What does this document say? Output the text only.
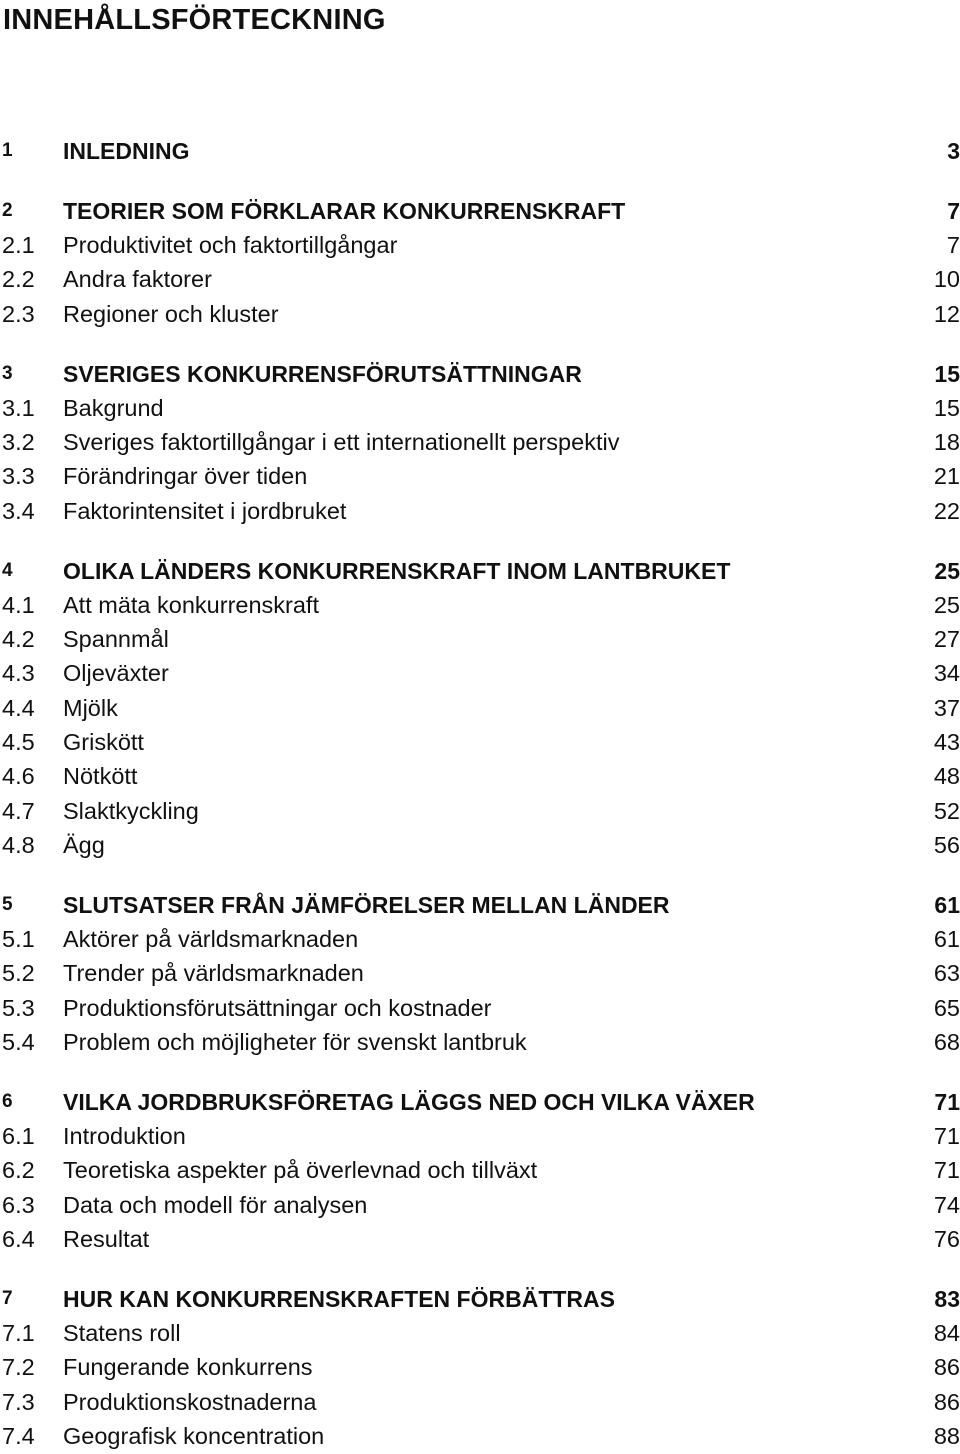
INNEHÅLLSFÖRTECKNING
1 INLEDNING	3
2 TEORIER SOM FÖRKLARAR KONKURRENSKRAFT	7
2.1 Produktivitet och faktortillgångar	7
2.2 Andra faktorer	10
2.3 Regioner och kluster	12
3 SVERIGES KONKURRENSFÖRUTSÄTTNINGAR	15
3.1 Bakgrund	15
3.2 Sveriges faktortillgångar i ett internationellt perspektiv	18
3.3 Förändringar över tiden	21
3.4 Faktorintensitet i jordbruket	22
4 OLIKA LÄNDERS KONKURRENSKRAFT INOM LANTBRUKET	25
4.1 Att mäta konkurrenskraft	25
4.2 Spannmål	27
4.3 Oljeväxter	34
4.4 Mjölk	37
4.5 Griskött	43
4.6 Nötkött	48
4.7 Slaktkyckling	52
4.8 Ägg	56
5 SLUTSATSER FRÅN JÄMFÖRELSER MELLAN LÄNDER	61
5.1 Aktörer på världsmarknaden	61
5.2 Trender på världsmarknaden	63
5.3 Produktionsförutsättningar och kostnader	65
5.4 Problem och möjligheter för svenskt lantbruk	68
6 VILKA JORDBRUKSFÖRETAG LÄGGS NED OCH VILKA VÄXER	71
6.1 Introduktion	71
6.2 Teoretiska aspekter på överlevnad och tillväxt	71
6.3 Data och modell för analysen	74
6.4 Resultat	76
7 HUR KAN KONKURRENSKRAFTEN FÖRBÄTTRAS	83
7.1 Statens roll	84
7.2 Fungerande konkurrens	86
7.3 Produktionskostnaderna	86
7.4 Geografisk koncentration	88
